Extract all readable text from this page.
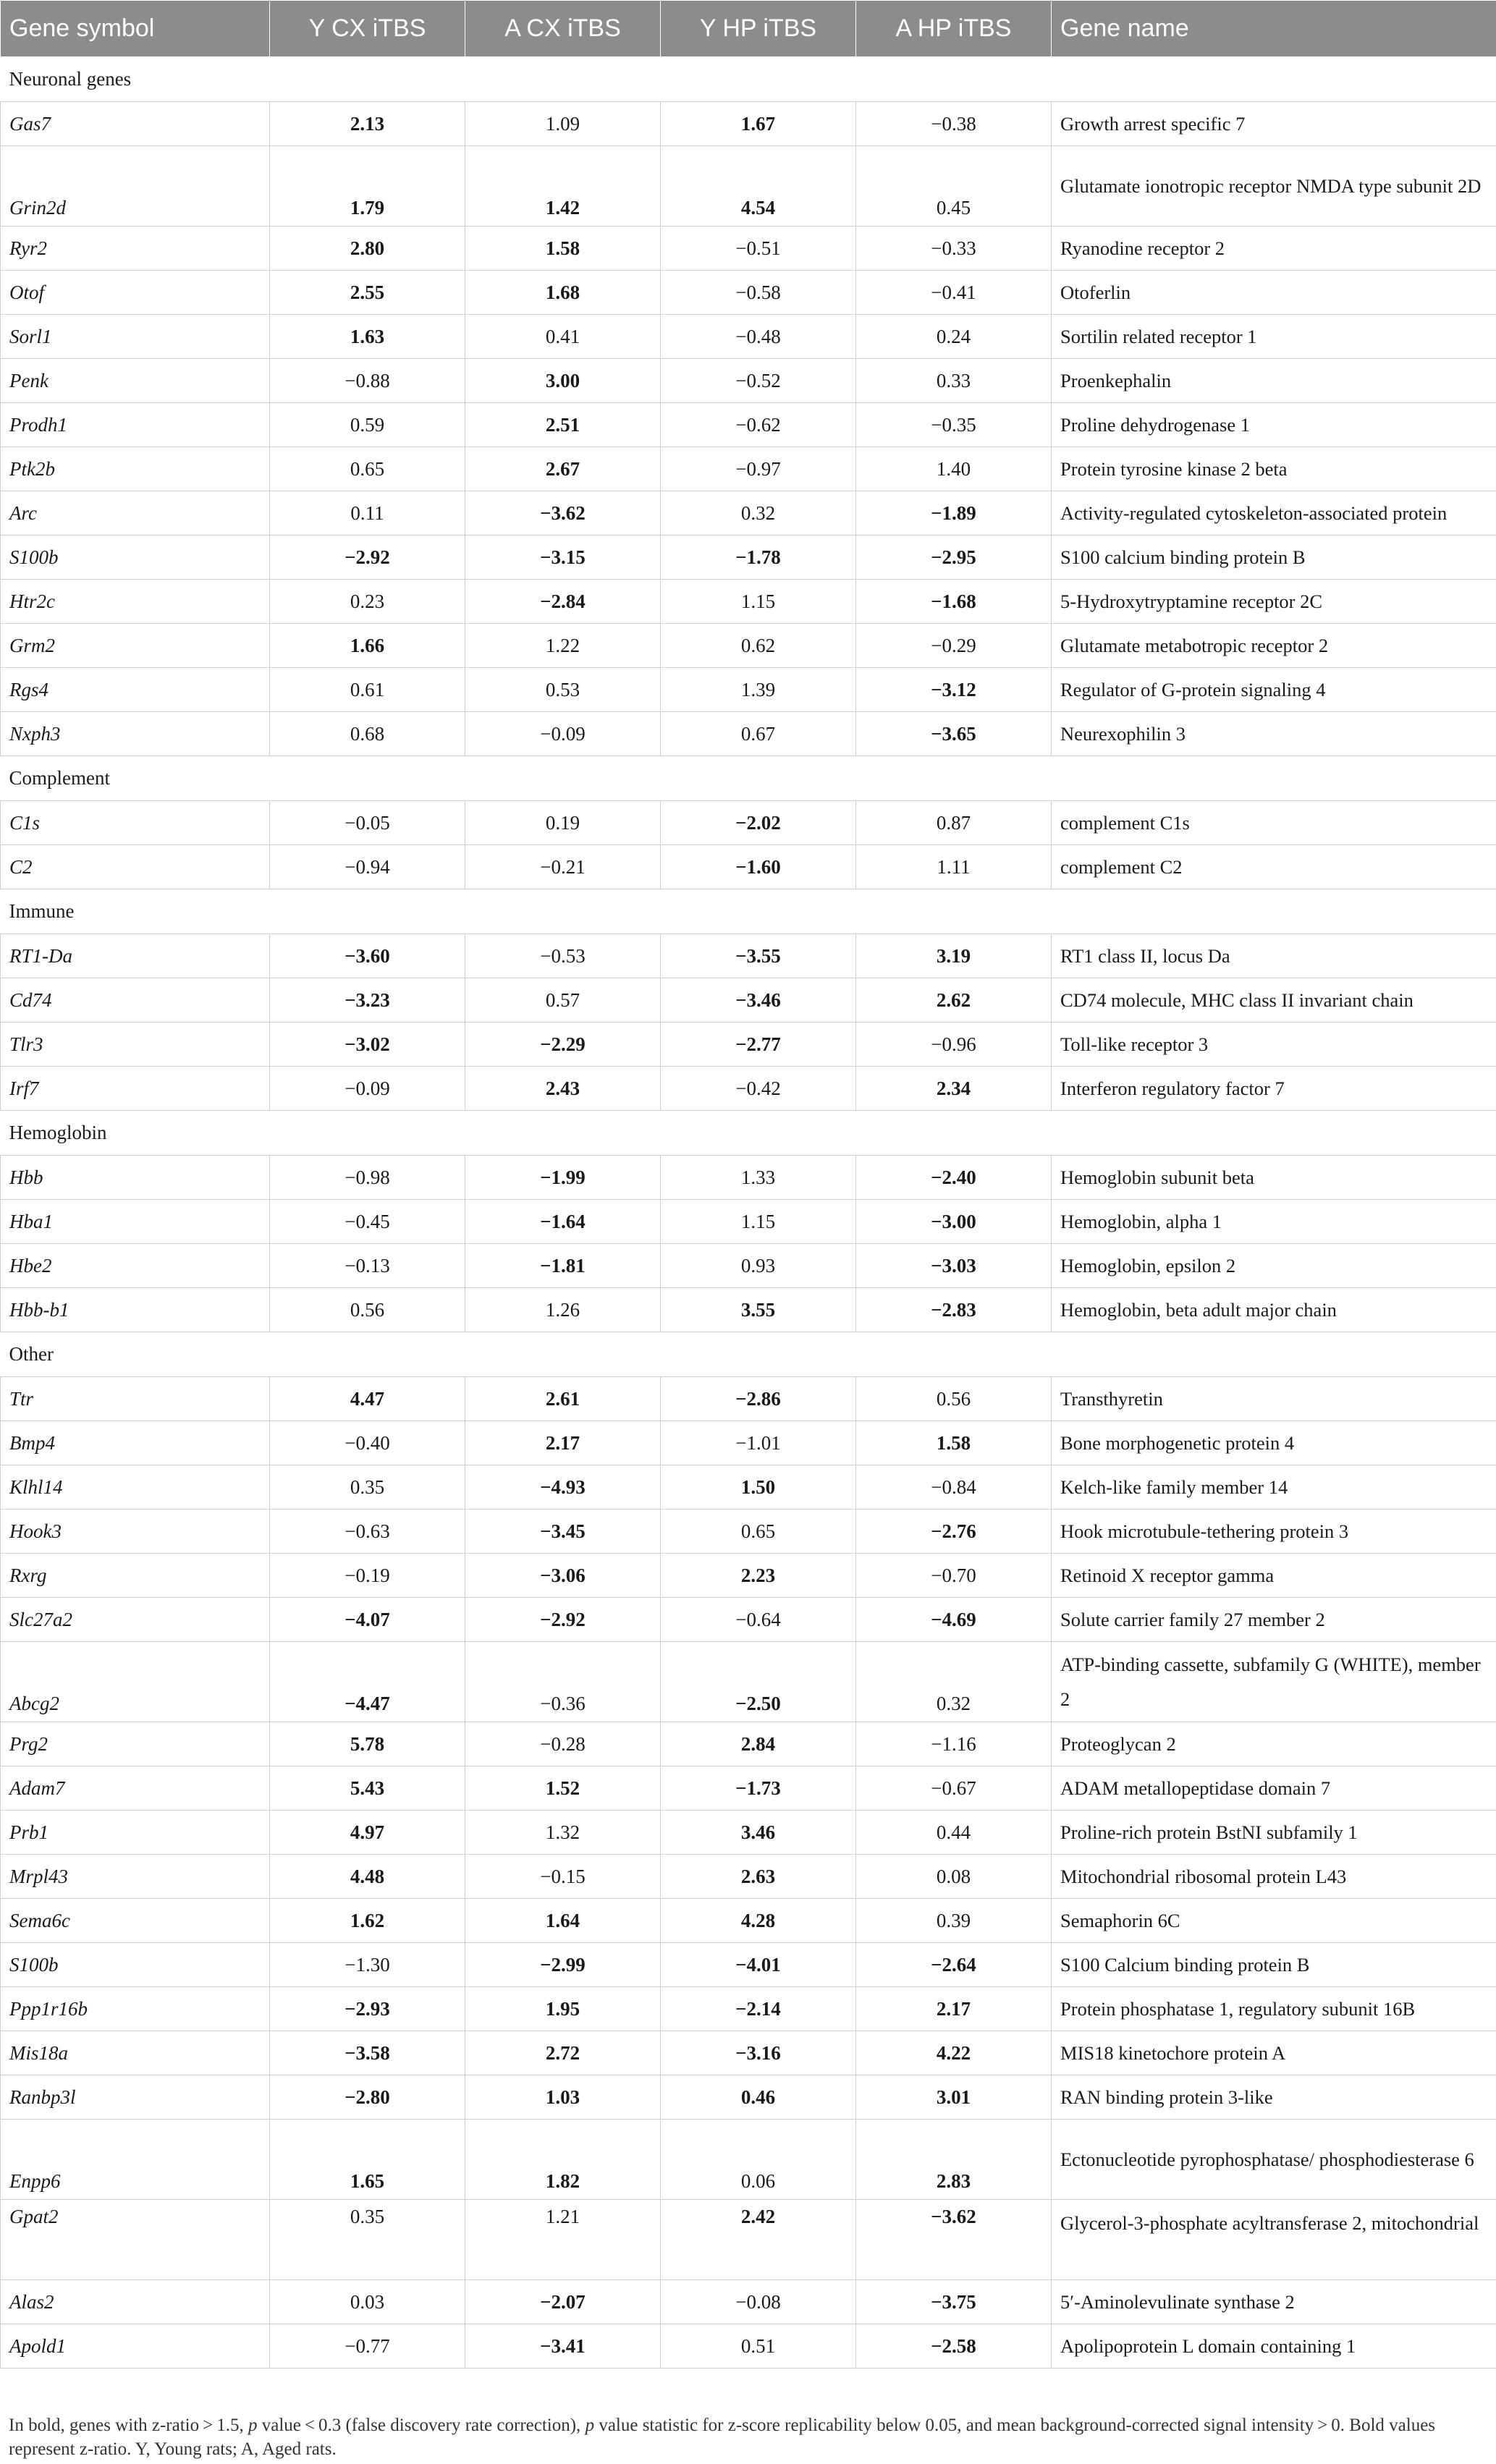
Gene symbol	Y CX iTBS	A CX iTBS	Y HP iTBS	A HP iTBS	Gene name
Neuronal genes					
Gas7	2.13	1.09	1.67	−0.38	Growth arrest specific 7
Grin2d	1.79	1.42	4.54	0.45	Glutamate ionotropic receptor NMDA type subunit 2D
Ryr2	2.80	1.58	−0.51	−0.33	Ryanodine receptor 2
Otof	2.55	1.68	−0.58	−0.41	Otoferlin
Sorl1	1.63	0.41	−0.48	0.24	Sortilin related receptor 1
Penk	−0.88	3.00	−0.52	0.33	Proenkephalin
Prodh1	0.59	2.51	−0.62	−0.35	Proline dehydrogenase 1
Ptk2b	0.65	2.67	−0.97	1.40	Protein tyrosine kinase 2 beta
Arc	0.11	−3.62	0.32	−1.89	Activity-regulated cytoskeleton-associated protein
S100b	−2.92	−3.15	−1.78	−2.95	S100 calcium binding protein B
Htr2c	0.23	−2.84	1.15	−1.68	5-Hydroxytryptamine receptor 2C
Grm2	1.66	1.22	0.62	−0.29	Glutamate metabotropic receptor 2
Rgs4	0.61	0.53	1.39	−3.12	Regulator of G-protein signaling 4
Nxph3	0.68	−0.09	0.67	−3.65	Neurexophilin 3
Complement					
C1s	−0.05	0.19	−2.02	0.87	complement C1s
C2	−0.94	−0.21	−1.60	1.11	complement C2
Immune					
RT1-Da	−3.60	−0.53	−3.55	3.19	RT1 class II, locus Da
Cd74	−3.23	0.57	−3.46	2.62	CD74 molecule, MHC class II invariant chain
Tlr3	−3.02	−2.29	−2.77	−0.96	Toll-like receptor 3
Irf7	−0.09	2.43	−0.42	2.34	Interferon regulatory factor 7
Hemoglobin					
Hbb	−0.98	−1.99	1.33	−2.40	Hemoglobin subunit beta
Hba1	−0.45	−1.64	1.15	−3.00	Hemoglobin, alpha 1
Hbe2	−0.13	−1.81	0.93	−3.03	Hemoglobin, epsilon 2
Hbb-b1	0.56	1.26	3.55	−2.83	Hemoglobin, beta adult major chain
Other					
Ttr	4.47	2.61	−2.86	0.56	Transthyretin
Bmp4	−0.40	2.17	−1.01	1.58	Bone morphogenetic protein 4
Klhl14	0.35	−4.93	1.50	−0.84	Kelch-like family member 14
Hook3	−0.63	−3.45	0.65	−2.76	Hook microtubule-tethering protein 3
Rxrg	−0.19	−3.06	2.23	−0.70	Retinoid X receptor gamma
Slc27a2	−4.07	−2.92	−0.64	−4.69	Solute carrier family 27 member 2
Abcg2	−4.47	−0.36	−2.50	0.32	ATP-binding cassette, subfamily G (WHITE), member 2
Prg2	5.78	−0.28	2.84	−1.16	Proteoglycan 2
Adam7	5.43	1.52	−1.73	−0.67	ADAM metallopeptidase domain 7
Prb1	4.97	1.32	3.46	0.44	Proline-rich protein BstNI subfamily 1
Mrpl43	4.48	−0.15	2.63	0.08	Mitochondrial ribosomal protein L43
Sema6c	1.62	1.64	4.28	0.39	Semaphorin 6C
S100b	−1.30	−2.99	−4.01	−2.64	S100 Calcium binding protein B
Ppp1r16b	−2.93	1.95	−2.14	2.17	Protein phosphatase 1, regulatory subunit 16B
Mis18a	−3.58	2.72	−3.16	4.22	MIS18 kinetochore protein A
Ranbp3l	−2.80	1.03	0.46	3.01	RAN binding protein 3-like
Enpp6	1.65	1.82	0.06	2.83	Ectonucleotide pyrophosphatase/ phosphodiesterase 6
Gpat2	0.35	1.21	2.42	−3.62	Glycerol-3-phosphate acyltransferase 2, mitochondrial
Alas2	0.03	−2.07	−0.08	−3.75	5′-Aminolevulinate synthase 2
Apold1	−0.77	−3.41	0.51	−2.58	Apolipoprotein L domain containing 1
In bold, genes with z-ratio > 1.5, p value < 0.3 (false discovery rate correction), p value statistic for z-score replicability below 0.05, and mean background-corrected signal intensity > 0. Bold values represent z-ratio. Y, Young rats; A, Aged rats.
